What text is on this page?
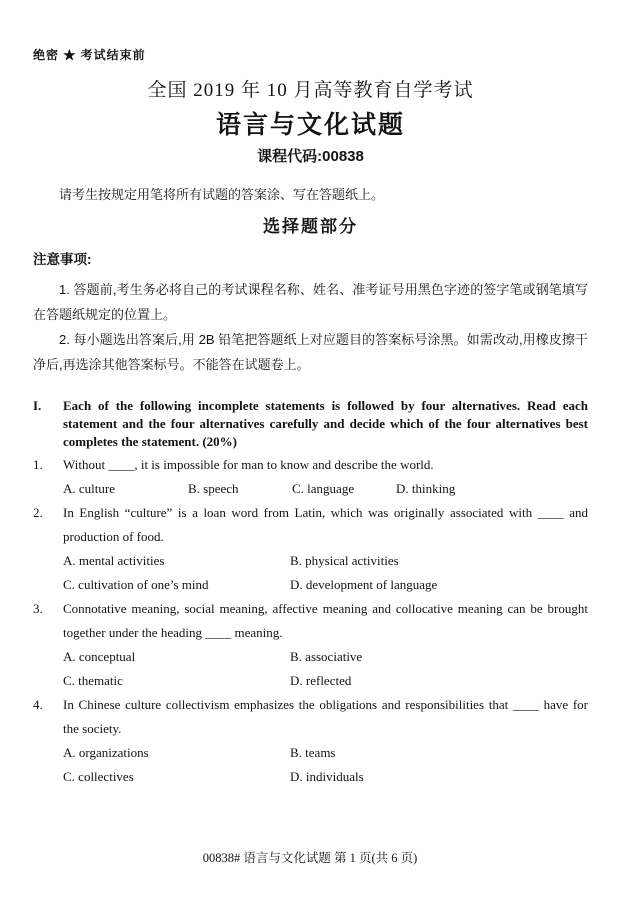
绝密 ★ 考试结束前
全国 2019 年 10 月高等教育自学考试
语言与文化试题
课程代码:00838

请考生按规定用笔将所有试题的答案涂、写在答题纸上。

选择题部分
注意事项:

1. 答题前,考生务必将自己的考试课程名称、姓名、准考证号用黑色字迹的签字笔或钢笔填写在答题纸规定的位置上。

2. 每小题选出答案后,用 2B 铅笔把答题纸上对应题目的答案标号涂黑。如需改动,用橡皮擦干净后,再选涂其他答案标号。不能答在试题卷上。

I.	Each of the following incomplete statements is followed by four alternatives. Read each statement and the four alternatives carefully and decide which of the four alternatives best completes the statement. (20%)
1.	Without ____, it is impossible for man to know and describe the world.

A. culture	B. speech	C. language	D. thinking
2.	In English “culture” is a loan word from Latin, which was originally associated with ____ and production of food.

A. mental activities	B. physical activities
C. cultivation of one’s mind	D. development of language
3.	Connotative meaning, social meaning, affective meaning and collocative meaning can be brought together under the heading ____ meaning.

A. conceptual	B. associative
C. thematic	D. reflected
4.	In Chinese culture collectivism emphasizes the obligations and responsibilities that ____ have for the society.

A. organizations	B. teams
C. collectives	D. individuals
00838# 语言与文化试题 第 1 页(共 6 页)
